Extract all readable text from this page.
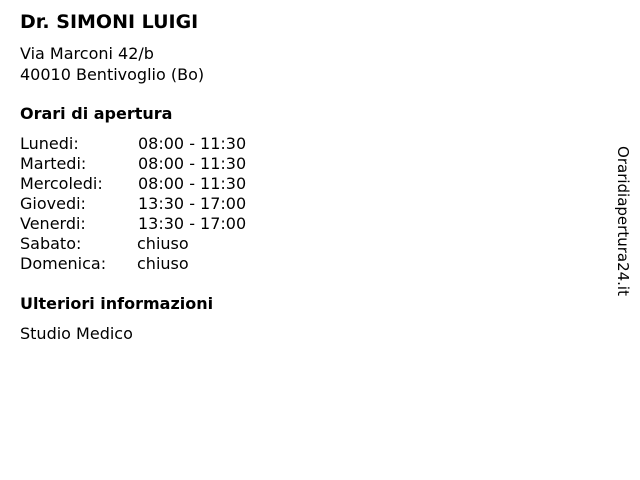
Dr. SIMONI LUIGI
Via Marconi 42/b
40010 Bentivoglio (Bo)
Orari di apertura
Lunedi:	08:00 - 11:30
Martedi:	08:00 - 11:30
Mercoledi: 08:00 - 11:30
Giovedi:	13:30 - 17:00
Venerdi:	13:30 - 17:00
Sabato:	chiuso
Domenica: chiuso
Ulteriori informazioni
Studio Medico
Oraridiapertura24.it
